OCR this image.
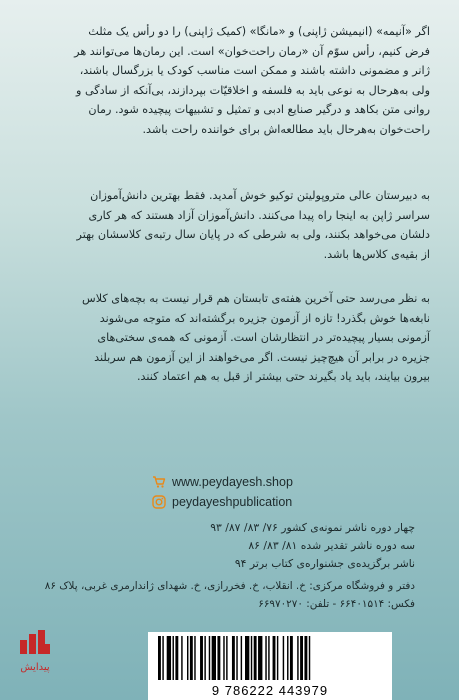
اگر «آنیمه» (انیمیشن ژاپنی) و «مانگا» (کمیک ژاپنی) را دو رأس یک مثلث

فرض کنیم، رأس سوّم آن «رمان راحت‌خوان» است. این رمان‌ها می‌توانند هر

ژانر و مضمونی داشته باشند و ممکن است مناسب کودک یا بزرگسال باشند،

ولی به‌هرحال به نوعی باید به فلسفه و اخلاقیّات بپردازند، بی‌آنکه از سادگی و

روانی متن بکاهد و درگیر صنایع ادبی و تمثیل و تشبیهات پیچیده شود. رمان

راحت‌خوان به‌هرحال باید مطالعه‌اش برای خواننده راحت باشد.

به دبیرستان عالی متروپولیتن توکیو خوش آمدید. فقط بهترین دانش‌آموزان

سراسر ژاپن به اینجا راه پیدا می‌کنند. دانش‌آموزان آزاد هستند که هر کاری

دلشان می‌خواهد بکنند، ولی به شرطی که در پایان سال رتبه‌ی کلاسشان بهتر

از بقیه‌ی کلاس‌ها باشد.

به نظر می‌رسد حتی آخرین هفته‌ی تابستان هم قرار نیست به بچه‌های کلاس

نابغه‌ها خوش بگذرد! تازه از آزمون جزیره برگشته‌اند که متوجه می‌شوند

آزمونی بسیار پیچیده‌تر در انتظارشان است. آزمونی که همه‌ی سختی‌های

جزیره در برابر آن هیچ‌چیز نیست. اگر می‌خواهند از این آزمون هم سربلند

بیرون بیایند، باید یاد بگیرند حتی بیشتر از قبل به هم اعتماد کنند.

www.peydayesh.shop
peydayeshpublication

چهار دوره ناشر نمونه‌ی کشور ۷۶/ ۸۳/ ۸۷/ ۹۳

سه دوره ناشر تقدیر شده ۸۱/ ۸۳/ ۸۶

ناشر برگزیده‌ی جشنواره‌ی کتاب برتر ۹۴

دفتر و فروشگاه مرکزی: خ. انقلاب، خ. فخررازی، خ. شهدای ژاندارمری غربی، پلاک ۸۶

فکس: ۶۶۴۰۱۵۱۴ - تلفن: ۶۶۹۷۰۲۷۰

پیدایش
9 786222 443979
